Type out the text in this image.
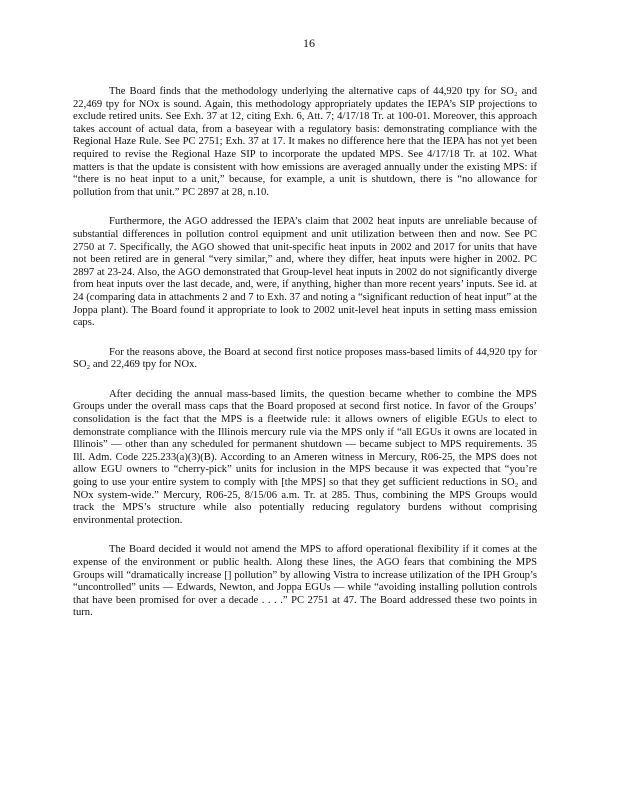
16

The Board finds that the methodology underlying the alternative caps of 44,920 tpy for SO₂ and 22,469 tpy for NOx is sound. Again, this methodology appropriately updates the IEPA’s SIP projections to exclude retired units. See Exh. 37 at 12, citing Exh. 6, Att. 7; 4/17/18 Tr. at 100-01. Moreover, this approach takes account of actual data, from a baseyear with a regulatory basis: demonstrating compliance with the Regional Haze Rule. See PC 2751; Exh. 37 at 17. It makes no difference here that the IEPA has not yet been required to revise the Regional Haze SIP to incorporate the updated MPS. See 4/17/18 Tr. at 102. What matters is that the update is consistent with how emissions are averaged annually under the existing MPS: if “there is no heat input to a unit,” because, for example, a unit is shutdown, there is “no allowance for pollution from that unit.” PC 2897 at 28, n.10.

Furthermore, the AGO addressed the IEPA’s claim that 2002 heat inputs are unreliable because of substantial differences in pollution control equipment and unit utilization between then and now. See PC 2750 at 7. Specifically, the AGO showed that unit-specific heat inputs in 2002 and 2017 for units that have not been retired are in general “very similar,” and, where they differ, heat inputs were higher in 2002. PC 2897 at 23-24. Also, the AGO demonstrated that Group-level heat inputs in 2002 do not significantly diverge from heat inputs over the last decade, and, were, if anything, higher than more recent years’ inputs. See id. at 24 (comparing data in attachments 2 and 7 to Exh. 37 and noting a “significant reduction of heat input” at the Joppa plant). The Board found it appropriate to look to 2002 unit-level heat inputs in setting mass emission caps.

For the reasons above, the Board at second first notice proposes mass-based limits of 44,920 tpy for SO₂ and 22,469 tpy for NOx.

After deciding the annual mass-based limits, the question became whether to combine the MPS Groups under the overall mass caps that the Board proposed at second first notice. In favor of the Groups’ consolidation is the fact that the MPS is a fleetwide rule: it allows owners of eligible EGUs to elect to demonstrate compliance with the Illinois mercury rule via the MPS only if “all EGUs it owns are located in Illinois” — other than any scheduled for permanent shutdown — became subject to MPS requirements. 35 Ill. Adm. Code 225.233(a)(3)(B). According to an Ameren witness in Mercury, R06-25, the MPS does not allow EGU owners to “cherry-pick” units for inclusion in the MPS because it was expected that “you’re going to use your entire system to comply with [the MPS] so that they get sufficient reductions in SO₂ and NOx system-wide.” Mercury, R06-25, 8/15/06 a.m. Tr. at 285. Thus, combining the MPS Groups would track the MPS’s structure while also potentially reducing regulatory burdens without comprising environmental protection.

The Board decided it would not amend the MPS to afford operational flexibility if it comes at the expense of the environment or public health. Along these lines, the AGO fears that combining the MPS Groups will “dramatically increase [] pollution” by allowing Vistra to increase utilization of the IPH Group’s “uncontrolled” units — Edwards, Newton, and Joppa EGUs — while “avoiding installing pollution controls that have been promised for over a decade . . . .” PC 2751 at 47. The Board addressed these two points in turn.
